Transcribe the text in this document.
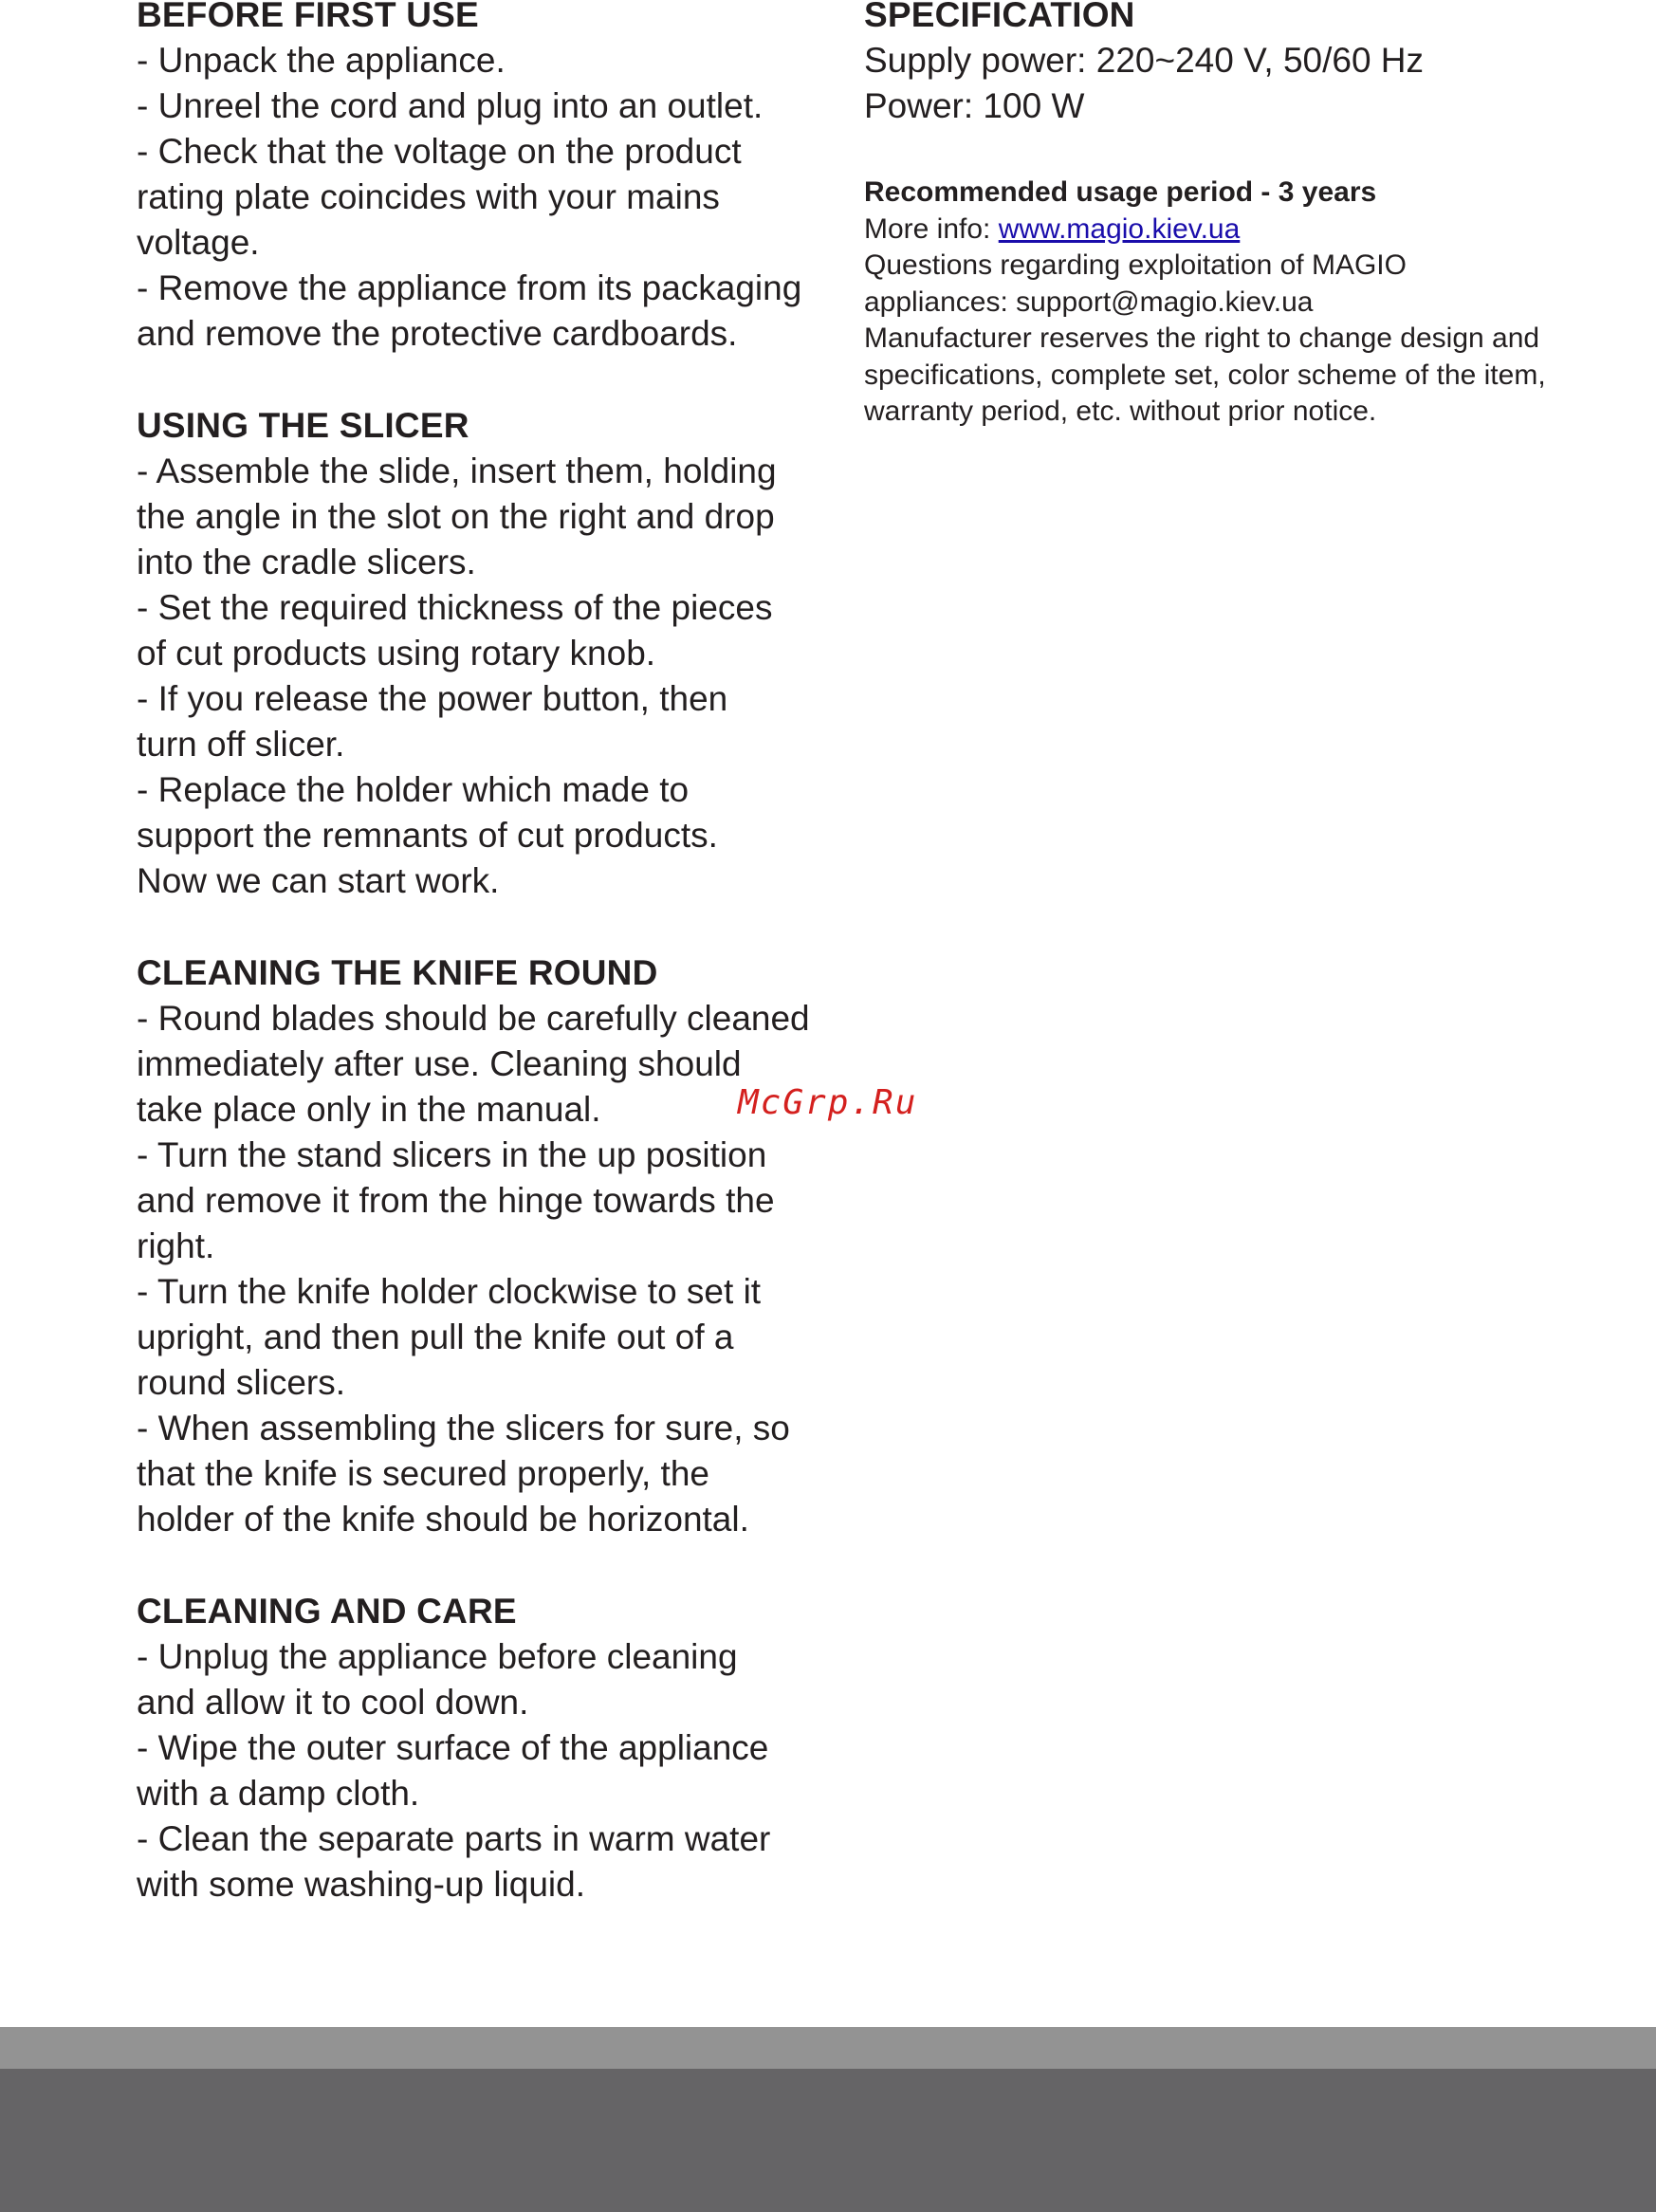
BEFORE FIRST USE

- Unpack the appliance.

- Unreel the cord and plug into an outlet.

- Check that the voltage on the product

rating plate coincides with your mains

voltage.

- Remove the appliance from its packaging

and remove the protective cardboards.

USING THE SLICER

- Assemble the slide, insert them, holding

the angle in the slot on the right and drop

into the cradle slicers.

- Set the required thickness of the pieces

of cut products using rotary knob.

- If you release the power button, then

turn off slicer.

- Replace the holder which made to

support the remnants of cut products.

Now we can start work.

CLEANING THE KNIFE ROUND

- Round blades should be carefully cleaned

immediately after use. Cleaning should

take place only in the manual.

- Turn the stand slicers in the up position

and remove it from the hinge towards the

right.

- Turn the knife holder clockwise to set it

upright, and then pull the knife out of a

round slicers.

- When assembling the slicers for sure, so

that the knife is secured properly, the

holder of the knife should be horizontal.

CLEANING AND CARE

- Unplug the appliance before cleaning

and allow it to cool down.

- Wipe the outer surface of the appliance

with a damp cloth.

- Clean the separate parts in warm water

with some washing-up liquid.

SPECIFICATION

Supply power: 220~240 V, 50/60 Hz

Power: 100 W

Recommended usage period - 3 years

More info: www.magio.kiev.ua

Questions regarding exploitation of MAGIO

appliances: support@magio.kiev.ua

Manufacturer reserves the right to change design and

specifications, complete set, color scheme of the item,

warranty period, etc. without prior notice.

McGrp.Ru
